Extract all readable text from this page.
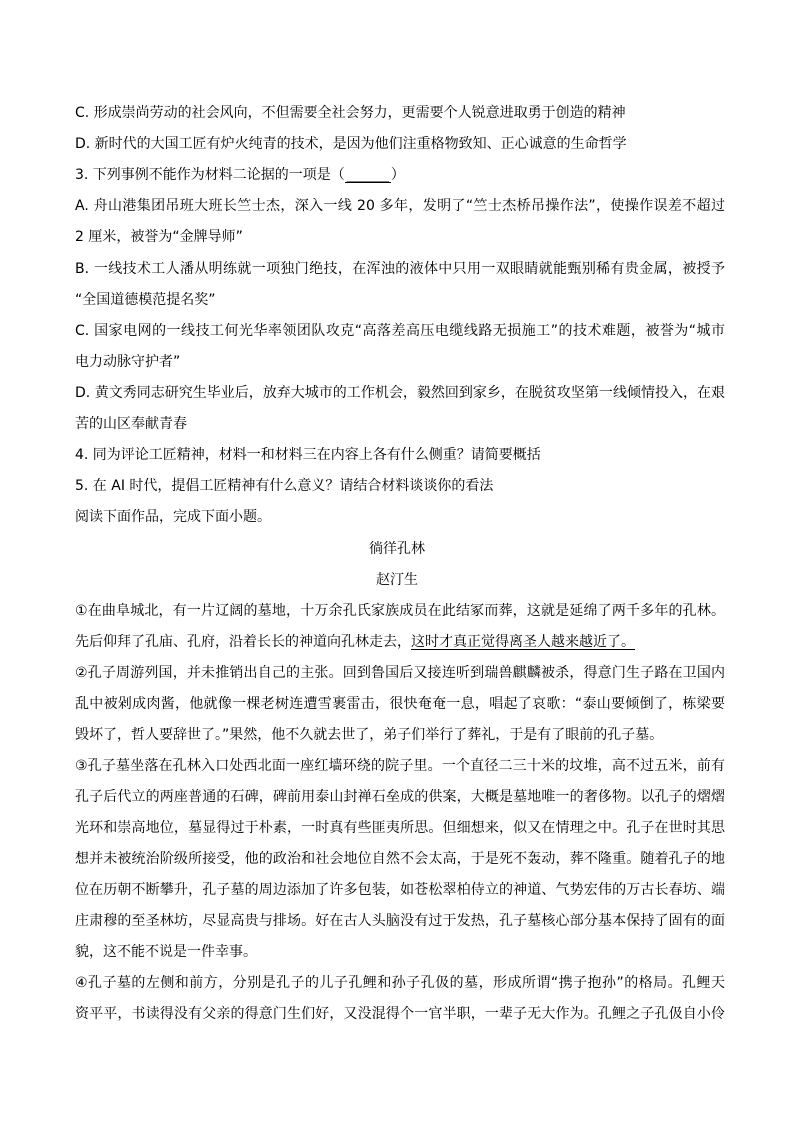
C. 形成崇尚劳动的社会风向，不但需要全社会努力，更需要个人锐意进取勇于创造的精神
D. 新时代的大国工匠有炉火纯青的技术，是因为他们注重格物致知、正心诚意的生命哲学
3. 下列事例不能作为材料二论据的一项是（ ______ ）
A. 舟山港集团吊班大班长竺士杰，深入一线 20 多年，发明了“竺士杰桥吊操作法”，使操作误差不超过
2 厘米，被誉为“金牌导师”
B. 一线技术工人潘从明练就一项独门绝技，在浑浊的液体中只用一双眼睛就能甄别稀有贵金属，被授予
“全国道德模范提名奖”
C. 国家电网的一线技工何光华率领团队攻克“高落差高压电缆线路无损施工”的技术难题，被誉为“城市
电力动脉守护者”
D. 黄文秀同志研究生毕业后，放弃大城市的工作机会，毅然回到家乡，在脱贫攻坚第一线倾情投入，在艰
苦的山区奉献青春
4. 同为评论工匠精神，材料一和材料三在内容上各有什么侧重？请简要概括
5. 在 AI 时代，提倡工匠精神有什么意义？请结合材料谈谈你的看法
阅读下面作品，完成下面小题。
徜徉孔林
赵汀生
①在曲阜城北，有一片辽阔的墓地，十万余孔氏家族成员在此结冢而葬，这就是延绵了两千多年的孔林。
先后仰拜了孔庙、孔府，沿着长长的神道向孔林走去，这时才真正觉得离圣人越来越近了。
②孔子周游列国，并未推销出自己的主张。回到鲁国后又接连听到瑞兽麒麟被杀，得意门生子路在卫国内
乱中被剁成肉酱，他就像一棵老树连遭雪裹雷击，很快奄奄一息，唱起了哀歌：“泰山要倾倒了，栋梁要
毁坏了，哲人要辞世了。”果然，他不久就去世了，弟子们举行了葬礼，于是有了眼前的孔子墓。
③孔子墓坐落在孔林入口处西北面一座红墙环绕的院子里。一个直径二三十米的坟堆，高不过五米，前有
孔子后代立的两座普通的石碑，碑前用泰山封禅石垒成的供案，大概是墓地唯一的奢侈物。以孔子的熠熠
光环和崇高地位，墓显得过于朴素，一时真有些匪夷所思。但细想来，似又在情理之中。孔子在世时其思
想并未被统治阶级所接受，他的政治和社会地位自然不会太高，于是死不轰动，葬不隆重。随着孔子的地
位在历朝不断攀升，孔子墓的周边添加了许多包装，如苍松翠柏侍立的神道、气势宏伟的万古长春坊、端
庄肃穆的至圣林坊，尽显高贵与排场。好在古人头脑没有过于发热，孔子墓核心部分基本保持了固有的面
貌，这不能不说是一件幸事。
④孔子墓的左侧和前方，分别是孔子的儿子孔鲤和孙子孔伋的墓，形成所谓“携子抱孙”的格局。孔鲤天
资平平，书读得没有父亲的得意门生们好，又没混得个一官半职，一辈子无大作为。孔鲤之子孔伋自小伶
